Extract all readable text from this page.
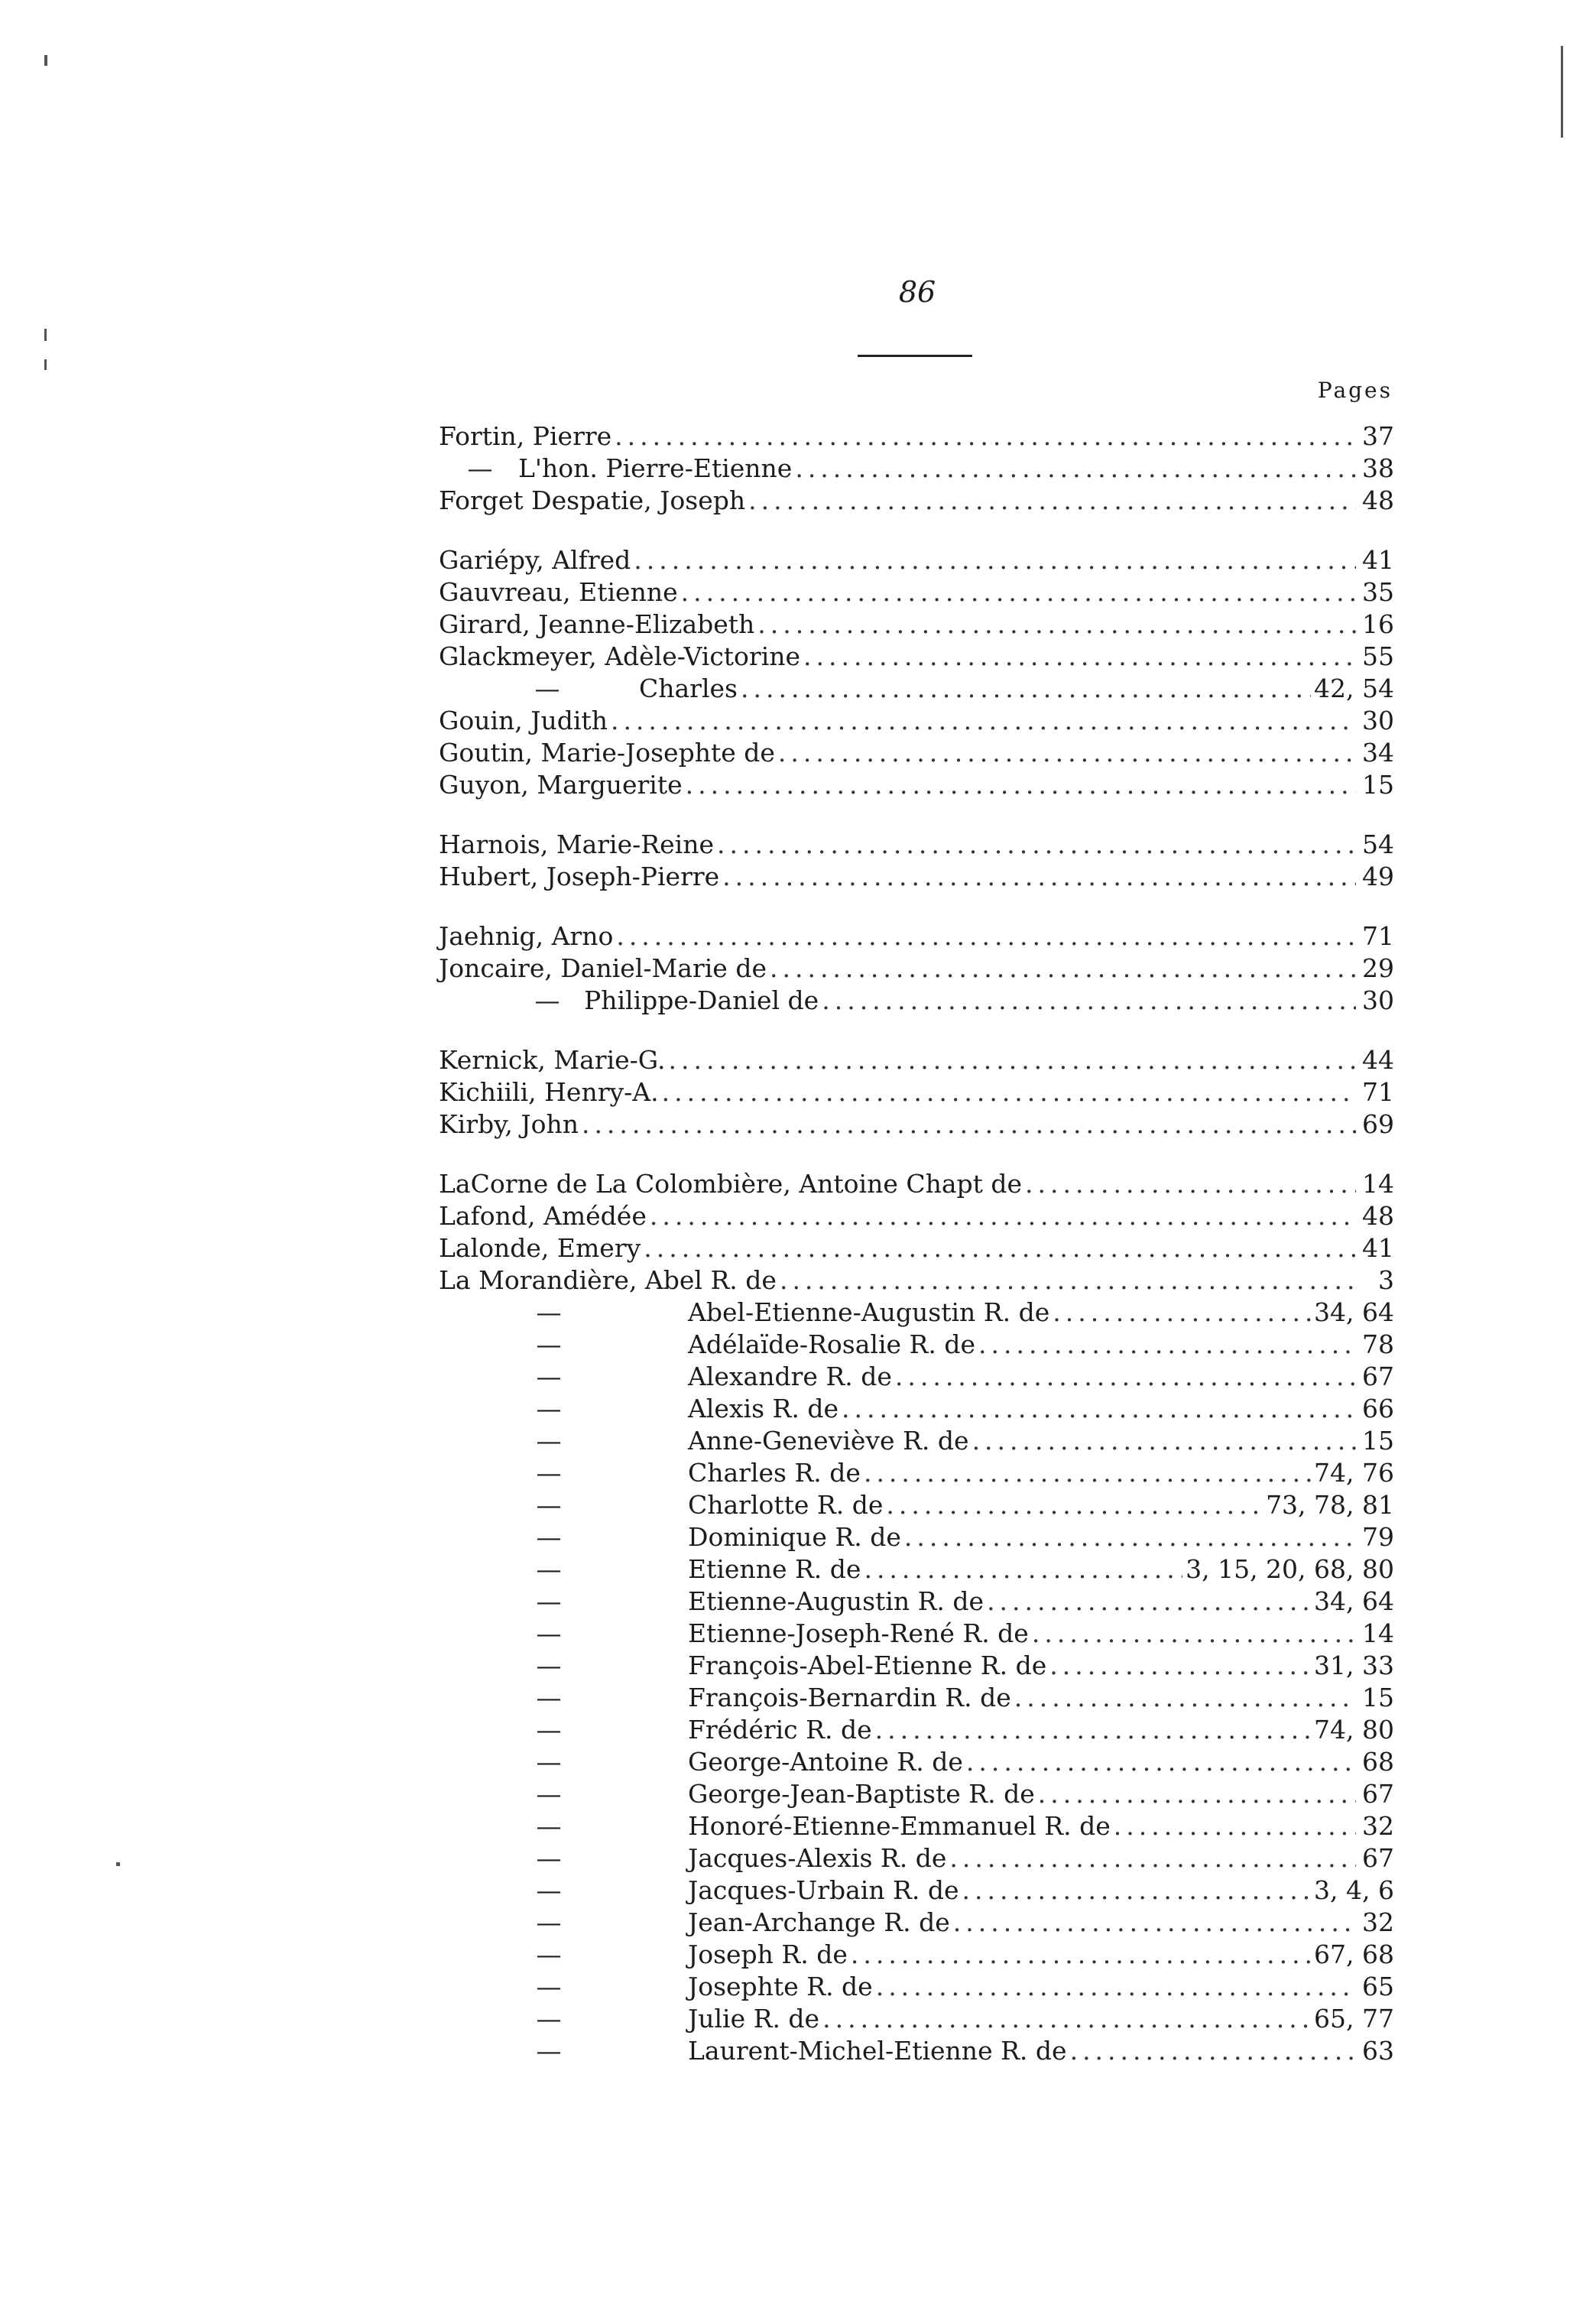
86
Pages
Fortin, Pierre .....	37
— L'hon. Pierre-Etienne .....	38
Forget Despatie, Joseph .....	48
Gariépy, Alfred .....	41
Gauvreau, Etienne .....	35
Girard, Jeanne-Elizabeth .....	16
Glackmeyer, Adèle-Victorine .....	55
—	Charles .....	42, 54
Gouin, Judith .....	30
Goutin, Marie-Josephte de .....	34
Guyon, Marguerite .....	15
Harnois, Marie-Reine .....	54
Hubert, Joseph-Pierre .....	49
Jaehnig, Arno .....	71
Joncaire, Daniel-Marie de .....	29
— Philippe-Daniel de .....	30
Kernick, Marie-G. .....	44
Kichiili, Henry-A. .....	71
Kirby, John .....	69
LaCorne de La Colombière, Antoine Chapt de .....	14
Lafond, Amédée .....	48
Lalonde, Emery .....	41
La Morandière, Abel R. de .....	3
—	Abel-Etienne-Augustin R. de .....	34, 64
—	Adélaïde-Rosalie R. de .....	78
—	Alexandre R. de .....	67
—	Alexis R. de .....	66
—	Anne-Geneviève R. de .....	15
—	Charles R. de .....	74, 76
—	Charlotte R. de .....	73, 78, 81
—	Dominique R. de .....	79
—	Etienne R. de .....	3, 15, 20, 68, 80
—	Etienne-Augustin R. de .....	34, 64
—	Etienne-Joseph-René R. de .....	14
—	François-Abel-Etienne R. de .....	31, 33
—	François-Bernardin R. de .....	15
—	Frédéric R. de .....	74, 80
—	George-Antoine R. de .....	68
—	George-Jean-Baptiste R. de .....	67
—	Honoré-Etienne-Emmanuel R. de .....	32
—	Jacques-Alexis R. de .....	67
—	Jacques-Urbain R. de .....	3, 4, 6
—	Jean-Archange R. de .....	32
—	Joseph R. de .....	67, 68
—	Josephte R. de .....	65
—	Julie R. de .....	65, 77
—	Laurent-Michel-Etienne R. de .....	63
